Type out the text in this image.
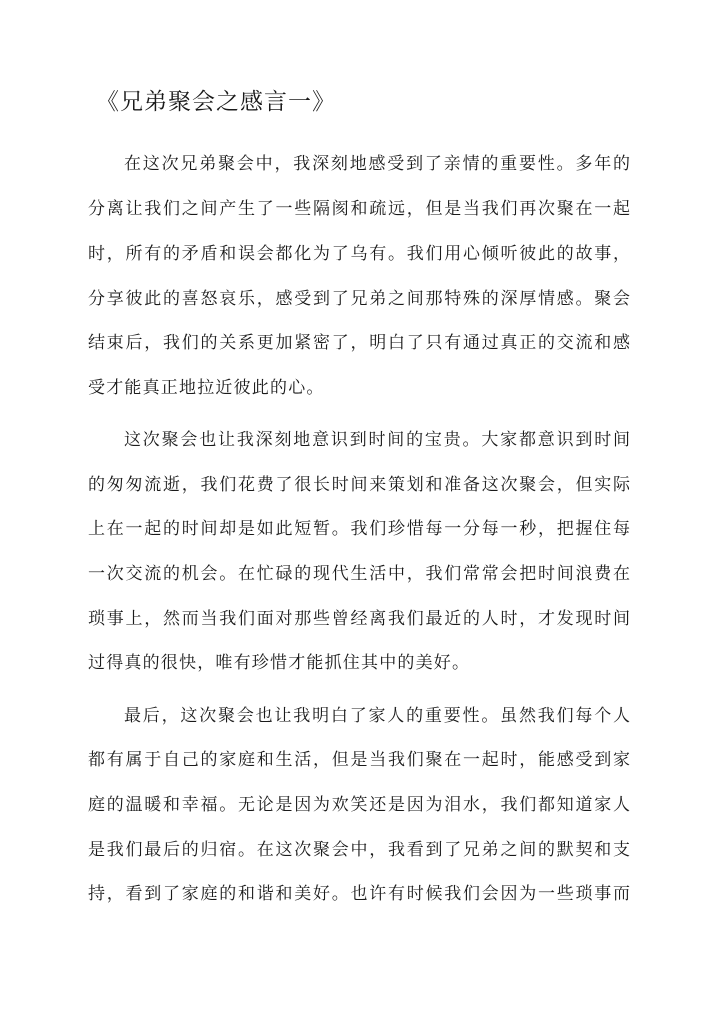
《兄弟聚会之感言一》
在这次兄弟聚会中，我深刻地感受到了亲情的重要性。多年的
分离让我们之间产生了一些隔阂和疏远，但是当我们再次聚在一起
时，所有的矛盾和误会都化为了乌有。我们用心倾听彼此的故事，
分享彼此的喜怒哀乐，感受到了兄弟之间那特殊的深厚情感。聚会
结束后，我们的关系更加紧密了，明白了只有通过真正的交流和感
受才能真正地拉近彼此的心。
这次聚会也让我深刻地意识到时间的宝贵。大家都意识到时间
的匆匆流逝，我们花费了很长时间来策划和准备这次聚会，但实际
上在一起的时间却是如此短暂。我们珍惜每一分每一秒，把握住每
一次交流的机会。在忙碌的现代生活中，我们常常会把时间浪费在
琐事上，然而当我们面对那些曾经离我们最近的人时，才发现时间
过得真的很快，唯有珍惜才能抓住其中的美好。
最后，这次聚会也让我明白了家人的重要性。虽然我们每个人
都有属于自己的家庭和生活，但是当我们聚在一起时，能感受到家
庭的温暖和幸福。无论是因为欢笑还是因为泪水，我们都知道家人
是我们最后的归宿。在这次聚会中，我看到了兄弟之间的默契和支
持，看到了家庭的和谐和美好。也许有时候我们会因为一些琐事而
